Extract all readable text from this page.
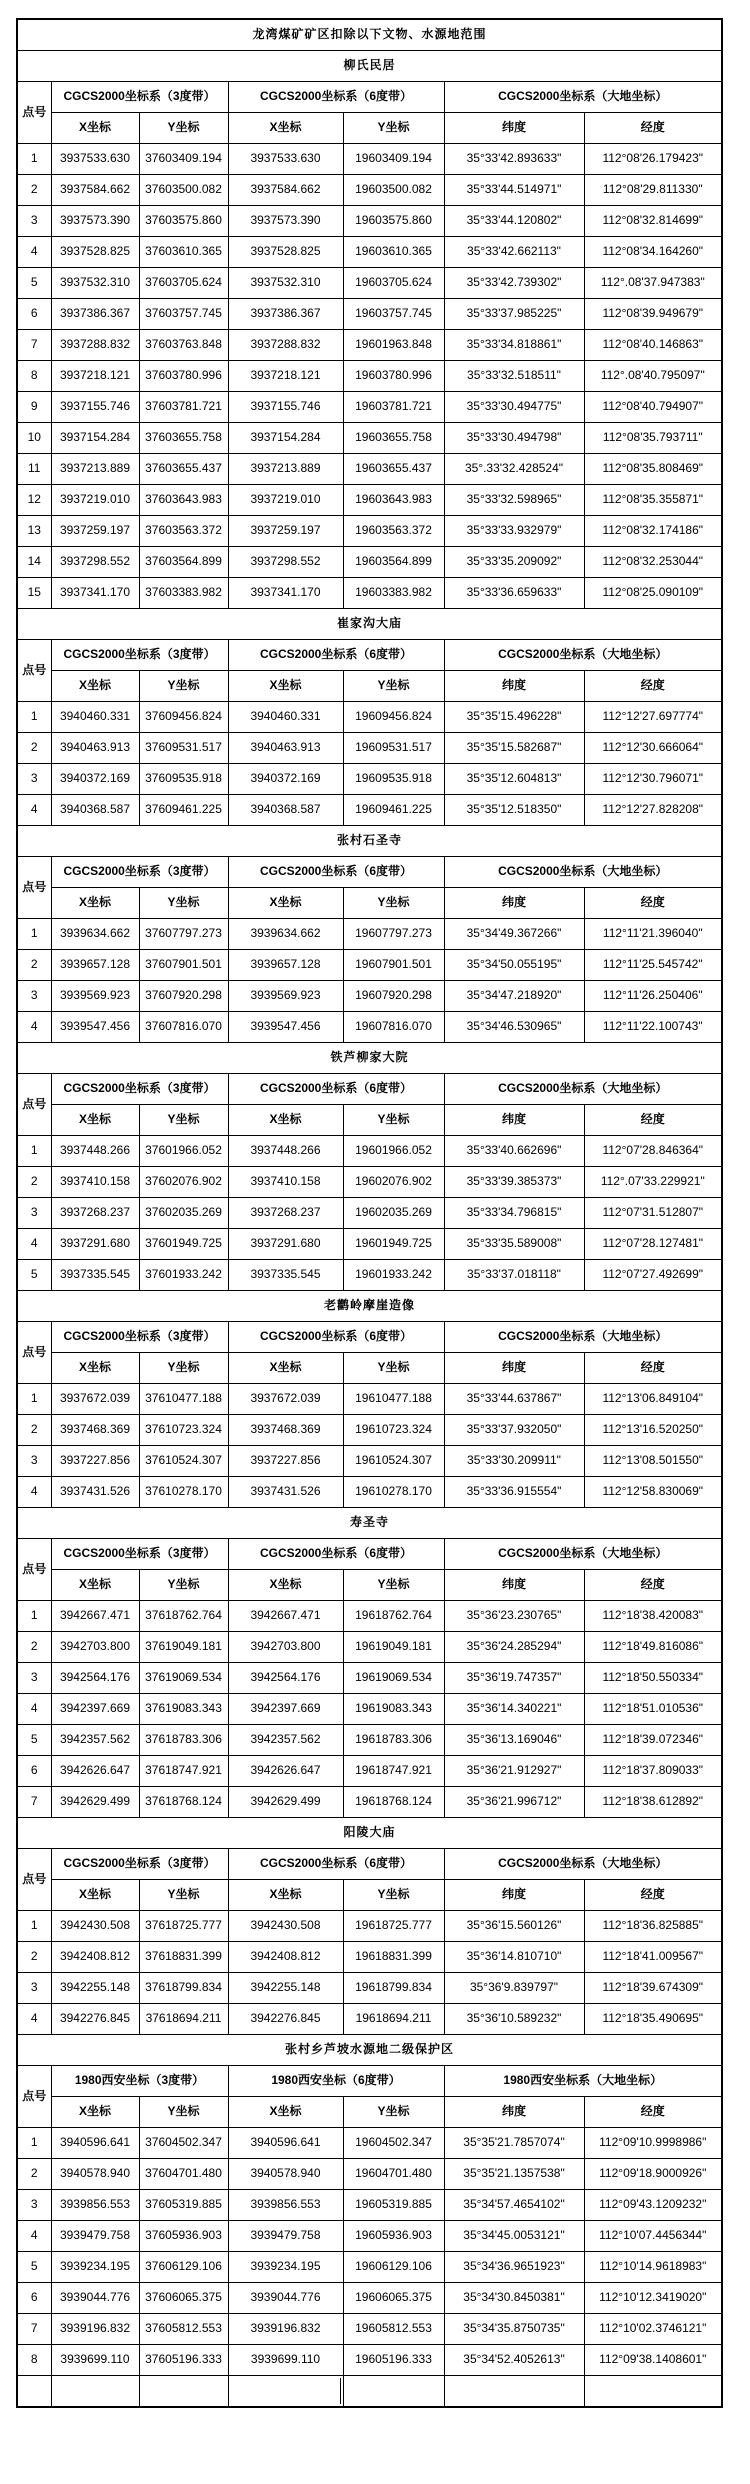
龙湾煤矿矿区扣除以下文物、水源地范围						
柳氏民居						
点号	CGCS2000坐标系（3度带）		CGCS2000坐标系（6度带）		CGCS2000坐标系（大地坐标）	
	X坐标	Y坐标	X坐标	Y坐标	纬度	经度
1	3937533.630	37603409.194	3937533.630	19603409.194	35°33'42.893633"	112°08'26.179423"
2	3937584.662	37603500.082	3937584.662	19603500.082	35°33'44.514971"	112°08'29.811330"
3	3937573.390	37603575.860	3937573.390	19603575.860	35°33'44.120802"	112°08'32.814699"
4	3937528.825	37603610.365	3937528.825	19603610.365	35°33'42.662113"	112°08'34.164260"
5	3937532.310	37603705.624	3937532.310	19603705.624	35°33'42.739302"	112°.08'37.947383"
6	3937386.367	37603757.745	3937386.367	19603757.745	35°33'37.985225"	112°08'39.949679"
7	3937288.832	37603763.848	3937288.832	19601963.848	35°33'34.818861"	112°08'40.146863"
8	3937218.121	37603780.996	3937218.121	19603780.996	35°33'32.518511"	112°.08'40.795097"
9	3937155.746	37603781.721	3937155.746	19603781.721	35°33'30.494775"	112°08'40.794907"
10	3937154.284	37603655.758	3937154.284	19603655.758	35°33'30.494798"	112°08'35.793711"
11	3937213.889	37603655.437	3937213.889	19603655.437	35°.33'32.428524"	112°08'35.808469"
12	3937219.010	37603643.983	3937219.010	19603643.983	35°33'32.598965"	112°08'35.355871"
13	3937259.197	37603563.372	3937259.197	19603563.372	35°33'33.932979"	112°08'32.174186"
14	3937298.552	37603564.899	3937298.552	19603564.899	35°33'35.209092"	112°08'32.253044"
15	3937341.170	37603383.982	3937341.170	19603383.982	35°33'36.659633"	112°08'25.090109"
崔家沟大庙						
点号	CGCS2000坐标系（3度带）		CGCS2000坐标系（6度带）		CGCS2000坐标系（大地坐标）	
	X坐标	Y坐标	X坐标	Y坐标	纬度	经度
1	3940460.331	37609456.824	3940460.331	19609456.824	35°35'15.496228"	112°12'27.697774"
2	3940463.913	37609531.517	3940463.913	19609531.517	35°35'15.582687"	112°12'30.666064"
3	3940372.169	37609535.918	3940372.169	19609535.918	35°35'12.604813"	112°12'30.796071"
4	3940368.587	37609461.225	3940368.587	19609461.225	35°35'12.518350"	112°12'27.828208"
张村石圣寺						
点号	CGCS2000坐标系（3度带）		CGCS2000坐标系（6度带）		CGCS2000坐标系（大地坐标）	
	X坐标	Y坐标	X坐标	Y坐标	纬度	经度
1	3939634.662	37607797.273	3939634.662	19607797.273	35°34'49.367266"	112°11'21.396040"
2	3939657.128	37607901.501	3939657.128	19607901.501	35°34'50.055195"	112°11'25.545742"
3	3939569.923	37607920.298	3939569.923	19607920.298	35°34'47.218920"	112°11'26.250406"
4	3939547.456	37607816.070	3939547.456	19607816.070	35°34'46.530965"	112°11'22.100743"
铁芦柳家大院						
点号	CGCS2000坐标系（3度带）		CGCS2000坐标系（6度带）		CGCS2000坐标系（大地坐标）	
	X坐标	Y坐标	X坐标	Y坐标	纬度	经度
1	3937448.266	37601966.052	3937448.266	19601966.052	35°33'40.662696"	112°07'28.846364"
2	3937410.158	37602076.902	3937410.158	19602076.902	35°33'39.385373"	112°.07'33.229921"
3	3937268.237	37602035.269	3937268.237	19602035.269	35°33'34.796815"	112°07'31.512807"
4	3937291.680	37601949.725	3937291.680	19601949.725	35°33'35.589008"	112°07'28.127481"
5	3937335.545	37601933.242	3937335.545	19601933.242	35°33'37.018118"	112°07'27.492699"
老鹳岭摩崖造像						
点号	CGCS2000坐标系（3度带）		CGCS2000坐标系（6度带）		CGCS2000坐标系（大地坐标）	
	X坐标	Y坐标	X坐标	Y坐标	纬度	经度
1	3937672.039	37610477.188	3937672.039	19610477.188	35°33'44.637867"	112°13'06.849104"
2	3937468.369	37610723.324	3937468.369	19610723.324	35°33'37.932050"	112°13'16.520250"
3	3937227.856	37610524.307	3937227.856	19610524.307	35°33'30.209911"	112°13'08.501550"
4	3937431.526	37610278.170	3937431.526	19610278.170	35°33'36.915554"	112°12'58.830069"
寿圣寺						
点号	CGCS2000坐标系（3度带）		CGCS2000坐标系（6度带）		CGCS2000坐标系（大地坐标）	
	X坐标	Y坐标	X坐标	Y坐标	纬度	经度
1	3942667.471	37618762.764	3942667.471	19618762.764	35°36'23.230765"	112°18'38.420083"
2	3942703.800	37619049.181	3942703.800	19619049.181	35°36'24.285294"	112°18'49.816086"
3	3942564.176	37619069.534	3942564.176	19619069.534	35°36'19.747357"	112°18'50.550334"
4	3942397.669	37619083.343	3942397.669	19619083.343	35°36'14.340221"	112°18'51.010536"
5	3942357.562	37618783.306	3942357.562	19618783.306	35°36'13.169046"	112°18'39.072346"
6	3942626.647	37618747.921	3942626.647	19618747.921	35°36'21.912927"	112°18'37.809033"
7	3942629.499	37618768.124	3942629.499	19618768.124	35°36'21.996712"	112°18'38.612892"
阳陵大庙						
点号	CGCS2000坐标系（3度带）		CGCS2000坐标系（6度带）		CGCS2000坐标系（大地坐标）	
	X坐标	Y坐标	X坐标	Y坐标	纬度	经度
1	3942430.508	37618725.777	3942430.508	19618725.777	35°36'15.560126"	112°18'36.825885"
2	3942408.812	37618831.399	3942408.812	19618831.399	35°36'14.810710"	112°18'41.009567"
3	3942255.148	37618799.834	3942255.148	19618799.834	35°36'9.839797"	112°18'39.674309"
4	3942276.845	37618694.211	3942276.845	19618694.211	35°36'10.589232"	112°18'35.490695"
张村乡芦坡水源地二级保护区						
点号	1980西安坐标（3度带）		1980西安坐标（6度带）		1980西安坐标系（大地坐标）	
	X坐标	Y坐标	X坐标	Y坐标	纬度	经度
1	3940596.641	37604502.347	3940596.641	19604502.347	35°35'21.7857074"	112°09'10.9998986"
2	3940578.940	37604701.480	3940578.940	19604701.480	35°35'21.1357538"	112°09'18.9000926"
3	3939856.553	37605319.885	3939856.553	19605319.885	35°34'57.4654102"	112°09'43.1209232"
4	3939479.758	37605936.903	3939479.758	19605936.903	35°34'45.0053121"	112°10'07.4456344"
5	3939234.195	37606129.106	3939234.195	19606129.106	35°34'36.9651923"	112°10'14.9618983"
6	3939044.776	37606065.375	3939044.776	19606065.375	35°34'30.8450381"	112°10'12.3419020"
7	3939196.832	37605812.553	3939196.832	19605812.553	35°34'35.8750735"	112°10'02.3746121"
8	3939699.110	37605196.333	3939699.110	19605196.333	35°34'52.4052613"	112°09'38.1408601"
